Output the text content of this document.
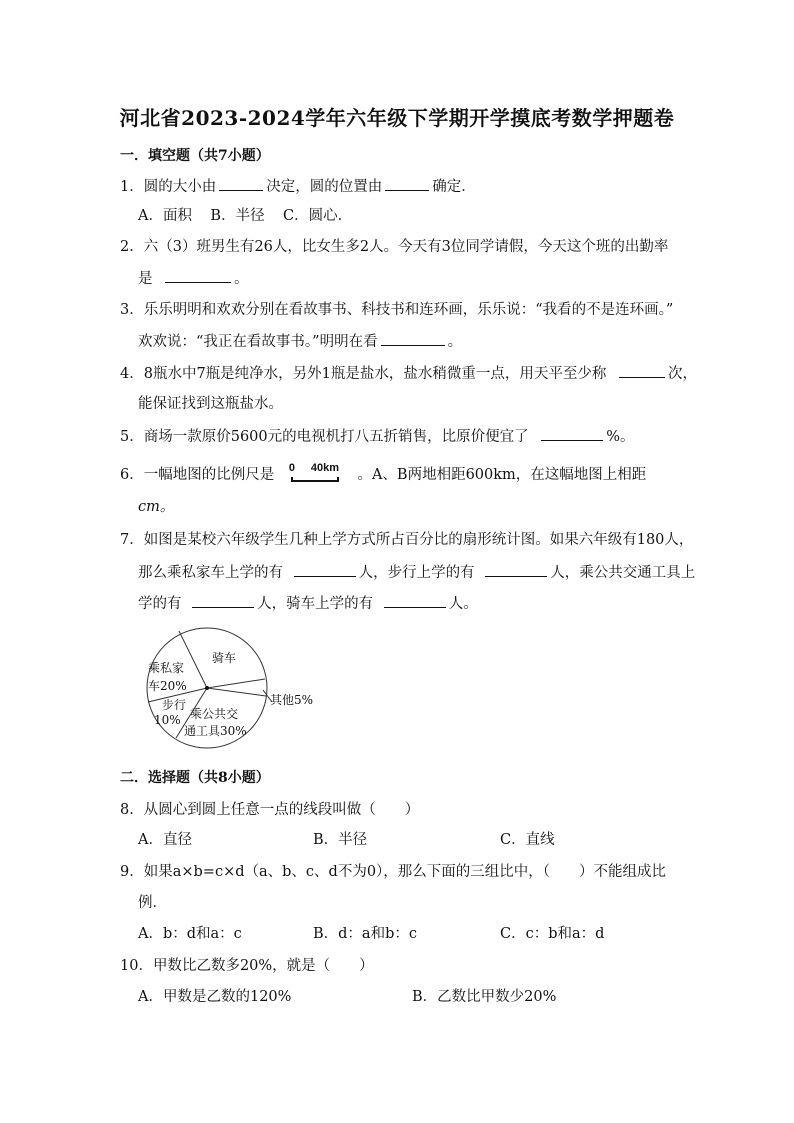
河北省2023-2024学年六年级下学期开学摸底考数学押题卷
一．填空题（共7小题）
1．圆的大小由	决定，圆的位置由	确定．
A．面积    B．半径    C．圆心．
2．六（3）班男生有26人，比女生多2人。今天有3位同学请假，今天这个班的出勤率
是	。
3．乐乐明明和欢欢分别在看故事书、科技书和连环画，乐乐说：“我看的不是连环画。”
欢欢说：“我正在看故事书。”明明在看	。
4．8瓶水中7瓶是纯净水，另外1瓶是盐水，盐水稍微重一点，用天平至少称	次，
能保证找到这瓶盐水。
5．商场一款原价5600元的电视机打八五折销售，比原价便宜了	%。
6．一幅地图的比例尺是 0 40km 。A、B两地相距600km，在这幅地图上相距
cm。
7．如图是某校六年级学生几种上学方式所占百分比的扇形统计图。如果六年级有180人，
那么乘私家车上学的有	人，步行上学的有	人，乘公共交通工具上
学的有	人，骑车上学的有	人。
骑车
乘私家
车20%
步行
10% 乘公共交
通工具30%
其他5%
二．选择题（共8小题）
8．从圆心到圆上任意一点的线段叫做（　　）
A．直径	B．半径	C．直线
9．如果a×b=c×d（a、b、c、d不为0），那么下面的三组比中，（　　）不能组成比
例．
A．b：d和a：c	B．d：a和b：c	C．c：b和a：d
10．甲数比乙数多20%，就是（　　）
A．甲数是乙数的120%	B．乙数比甲数少20%
